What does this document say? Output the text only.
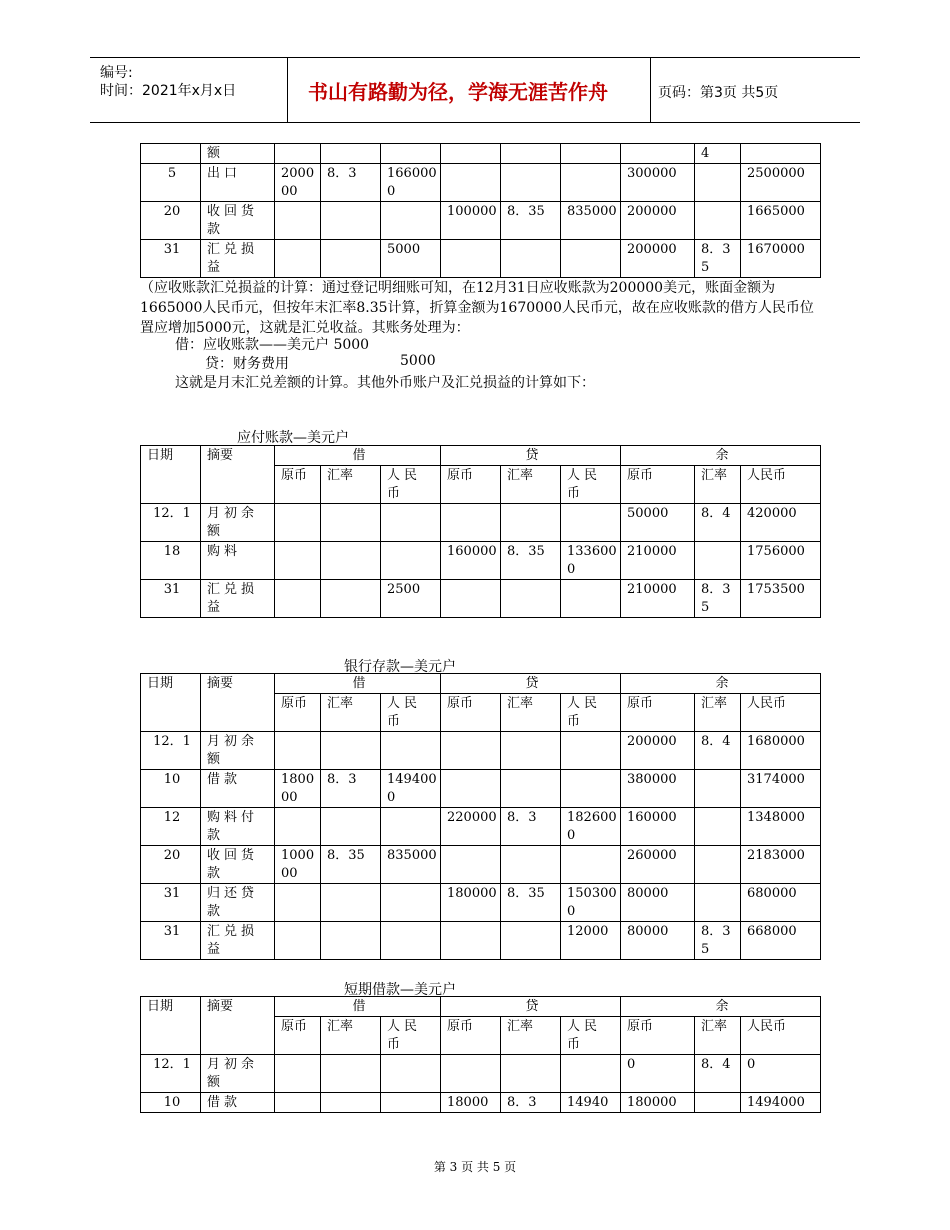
编号:
时间：2021年x月x日	书山有路勤为径，学海无涯苦作舟	页码：第3页 共5页
	额								4	
5	出口	200000	8．3	1660000				300000		2500000
20	收回货款				100000	8．35	835000	200000		1665000
31	汇兑损益			5000				200000	8．35	1670000
（应收账款汇兑损益的计算：通过登记明细账可知，在12月31日应收账款为200000美元，账面金额为1665000人民币元，但按年末汇率8.35计算，折算金额为1670000人民币元，故在应收账款的借方人民币位置应增加5000元，这就是汇兑收益。其账务处理为：
借：应收账款——美元户 5000
贷：财务费用	5000
这就是月末汇兑差额的计算。其他外币账户及汇兑损益的计算如下：
应付账款—美元户
日期	摘要	借			贷			余		
		原币	汇率	人民币	原币	汇率	人民币	原币	汇率	人民币
12．1	月初余额							50000	8．4	420000
18	购料				160000	8．35	1336000	210000		1756000
31	汇兑损益			2500				210000	8．35	1753500
银行存款—美元户
日期	摘要	借			贷			余		
		原币	汇率	人民币	原币	汇率	人民币	原币	汇率	人民币
12．1	月初余额							200000	8．4	1680000
10	借款	180000	8．3	1494000				380000		3174000
12	购料付款				220000	8．3	1826000	160000		1348000
20	收回货款	100000	8．35	835000				260000		2183000
31	归还贷款				180000	8．35	1503000	80000		680000
31	汇兑损益						12000	80000	8．35	668000
短期借款—美元户
日期	摘要	借			贷			余		
		原币	汇率	人民币	原币	汇率	人民币	原币	汇率	人民币
12．1	月初余额							0	8．4	0
10	借款				18000	8．3	14940	180000		1494000
第 3 页 共 5 页
